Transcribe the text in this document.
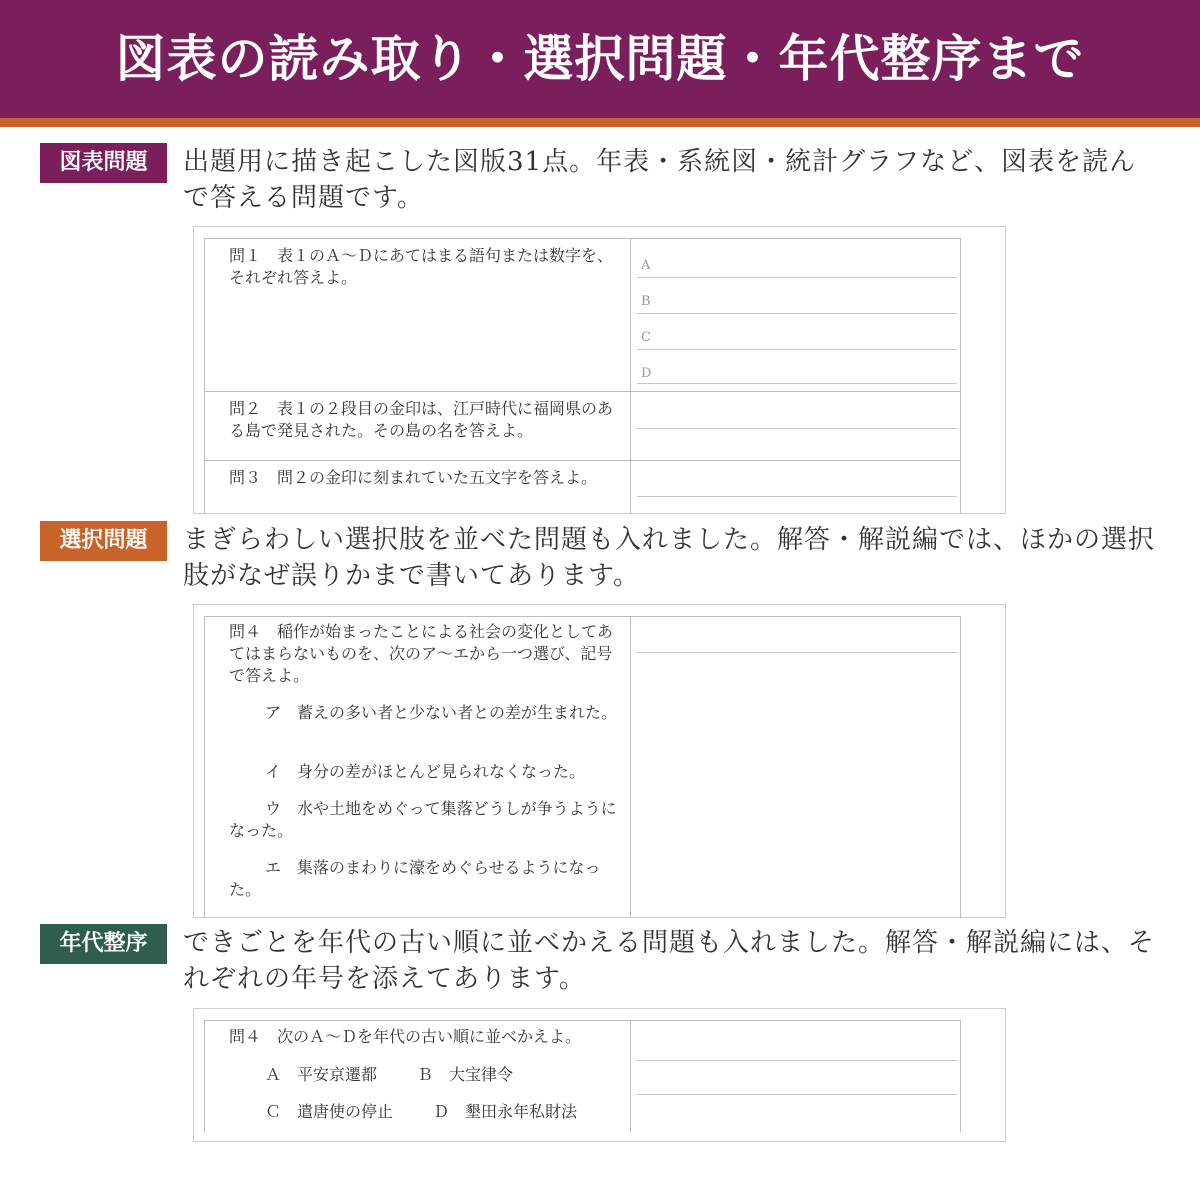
図表の読み取り・選択問題・年代整序まで
図表問題	出題用に描き起こした図版31点。年表・系統図・統計グラフなど、図表を読んで答える問題です。
問１　表１のＡ～Ｄにあてはまる語句または数字を、それぞれ答えよ。
A
B
C
D
問２　表１の２段目の金印は、江戸時代に福岡県のある島で発見された。その島の名を答えよ。
問３　問２の金印に刻まれていた五文字を答えよ。
選択問題	まぎらわしい選択肢を並べた問題も入れました。解答・解説編では、ほかの選択肢がなぜ誤りかまで書いてあります。
問４　稲作が始まったことによる社会の変化としてあてはまらないものを、次のア～エから一つ選び、記号で答えよ。
ア　蓄えの多い者と少ない者との差が生まれた。
イ　身分の差がほとんど見られなくなった。
ウ　水や土地をめぐって集落どうしが争うようになった。
エ　集落のまわりに濠をめぐらせるようになった。
年代整序	できごとを年代の古い順に並べかえる問題も入れました。解答・解説編には、それぞれの年号を添えてあります。
問４　次のＡ～Ｄを年代の古い順に並べかえよ。
Ａ　平安京遷都 Ｂ　大宝律令
Ｃ　遣唐使の停止 Ｄ　墾田永年私財法
